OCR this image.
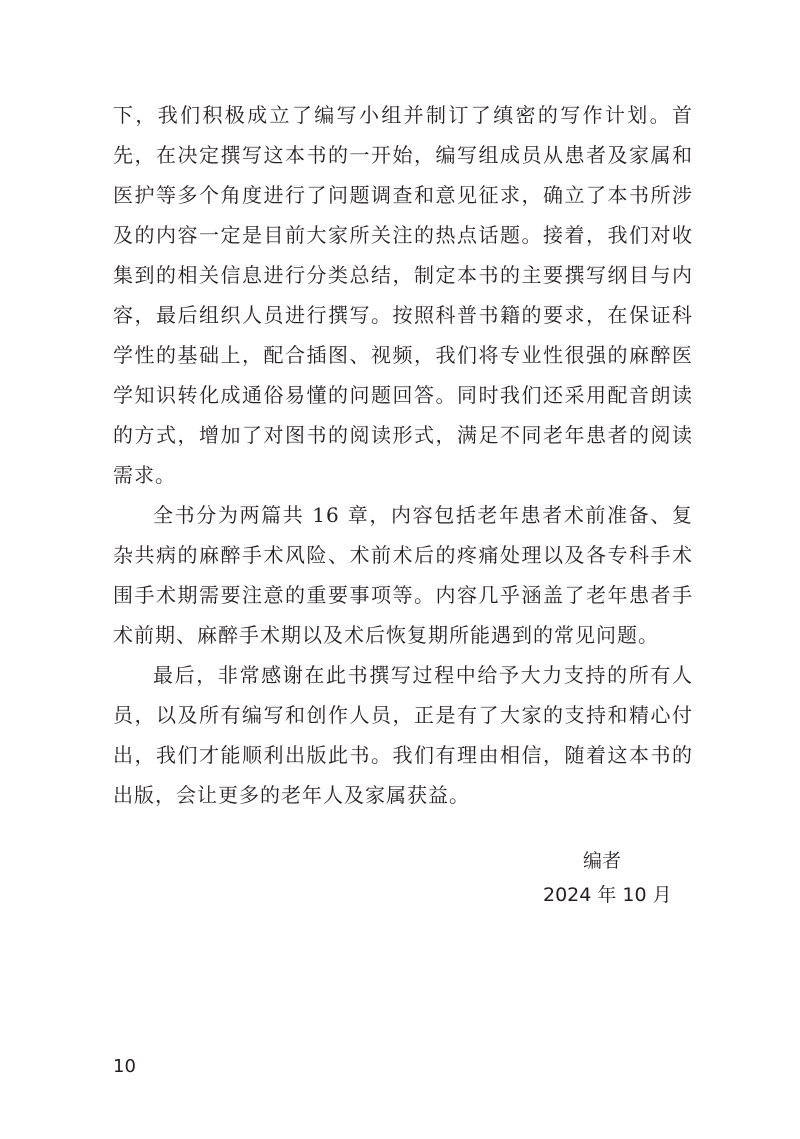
下，我们积极成立了编写小组并制订了缜密的写作计划。首先，在决定撰写这本书的一开始，编写组成员从患者及家属和医护等多个角度进行了问题调查和意见征求，确立了本书所涉及的内容一定是目前大家所关注的热点话题。接着，我们对收集到的相关信息进行分类总结，制定本书的主要撰写纲目与内容，最后组织人员进行撰写。按照科普书籍的要求，在保证科学性的基础上，配合插图、视频，我们将专业性很强的麻醉医学知识转化成通俗易懂的问题回答。同时我们还采用配音朗读的方式，增加了对图书的阅读形式，满足不同老年患者的阅读需求。

全书分为两篇共 16 章，内容包括老年患者术前准备、复杂共病的麻醉手术风险、术前术后的疼痛处理以及各专科手术围手术期需要注意的重要事项等。内容几乎涵盖了老年患者手术前期、麻醉手术期以及术后恢复期所能遇到的常见问题。

最后，非常感谢在此书撰写过程中给予大力支持的所有人员，以及所有编写和创作人员，正是有了大家的支持和精心付出，我们才能顺利出版此书。我们有理由相信，随着这本书的出版，会让更多的老年人及家属获益。

编者
2024 年 10 月
10
